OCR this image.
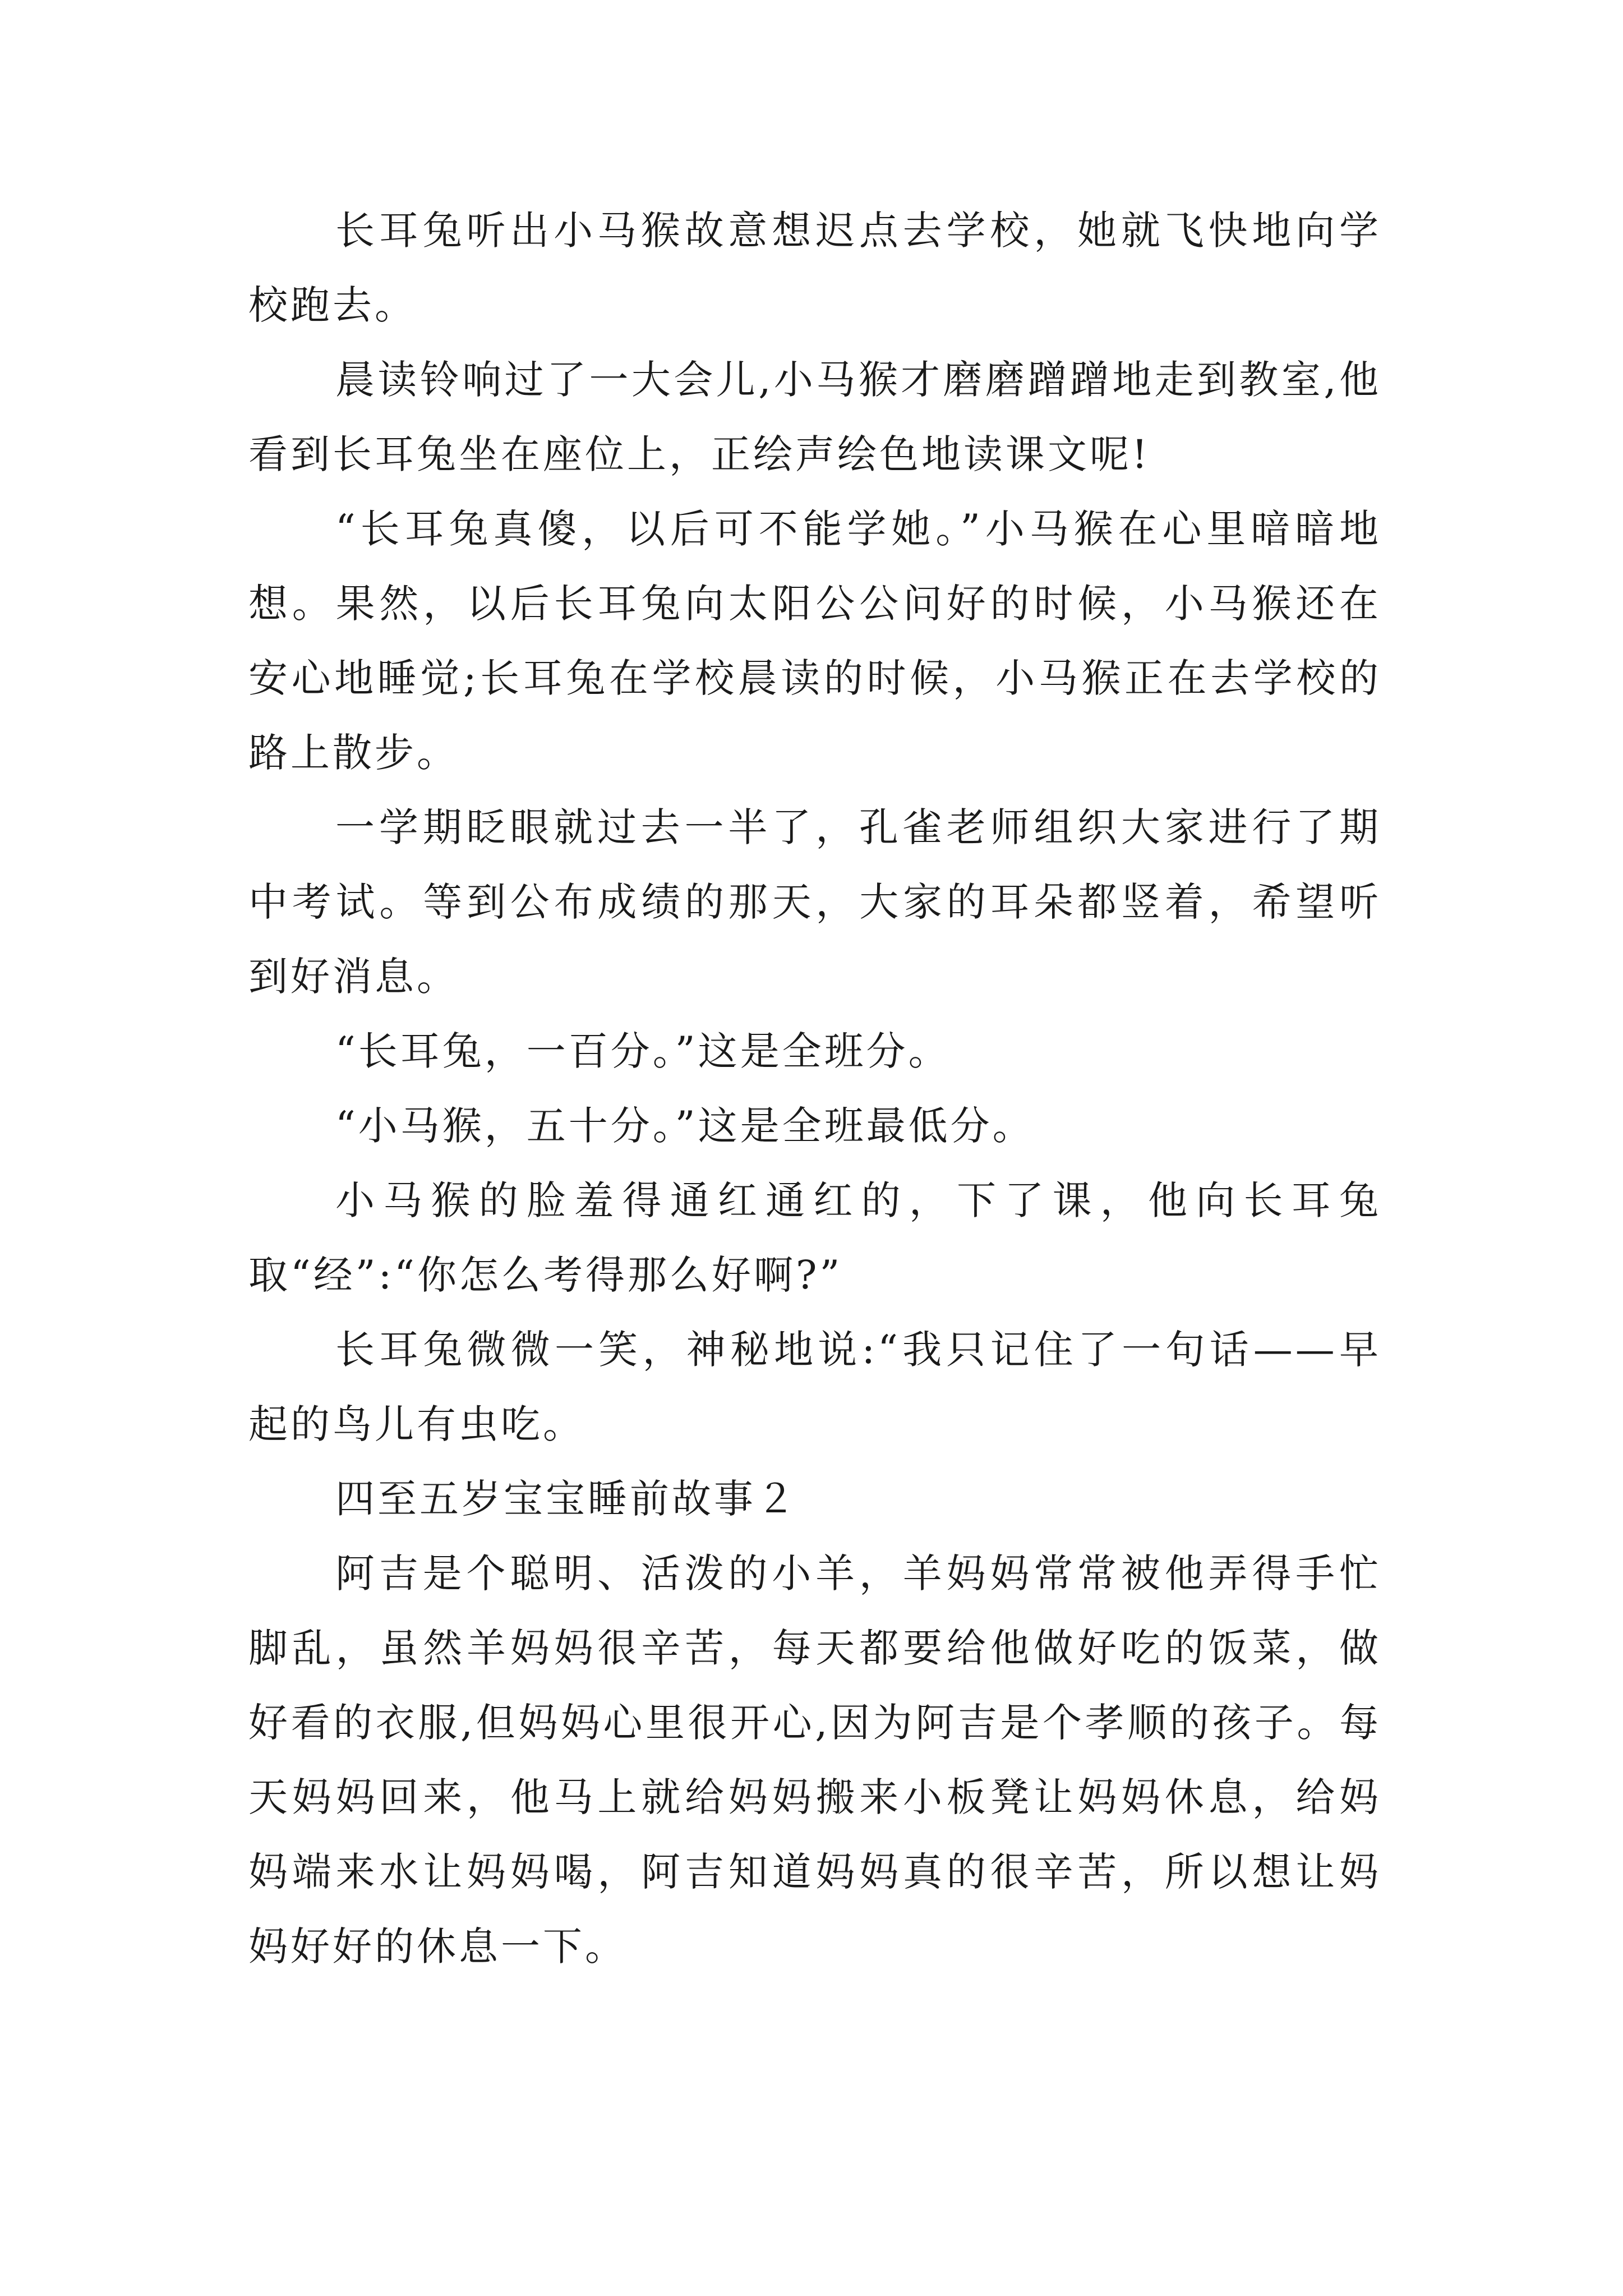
长耳兔听出小马猴故意想迟点去学校，她就飞快地向学校跑去。

晨读铃响过了一大会儿,小马猴才磨磨蹭蹭地走到教室,他看到长耳兔坐在座位上，正绘声绘色地读课文呢!

“长耳兔真傻，以后可不能学她。”小马猴在心里暗暗地想。果然，以后长耳兔向太阳公公问好的时候，小马猴还在安心地睡觉;长耳兔在学校晨读的时候，小马猴正在去学校的路上散步。

一学期眨眼就过去一半了，孔雀老师组织大家进行了期中考试。等到公布成绩的那天，大家的耳朵都竖着，希望听到好消息。

“长耳兔，一百分。”这是全班分。

“小马猴，五十分。”这是全班最低分。

小马猴的脸羞得通红通红的，下了课，他向长耳兔取“经”:“你怎么考得那么好啊?”

长耳兔微微一笑，神秘地说:“我只记住了一句话——早起的鸟儿有虫吃。

四至五岁宝宝睡前故事２

阿吉是个聪明、活泼的小羊，羊妈妈常常被他弄得手忙脚乱，虽然羊妈妈很辛苦，每天都要给他做好吃的饭菜，做好看的衣服,但妈妈心里很开心,因为阿吉是个孝顺的孩子。每天妈妈回来，他马上就给妈妈搬来小板凳让妈妈休息，给妈妈端来水让妈妈喝，阿吉知道妈妈真的很辛苦，所以想让妈妈好好的休息一下。
